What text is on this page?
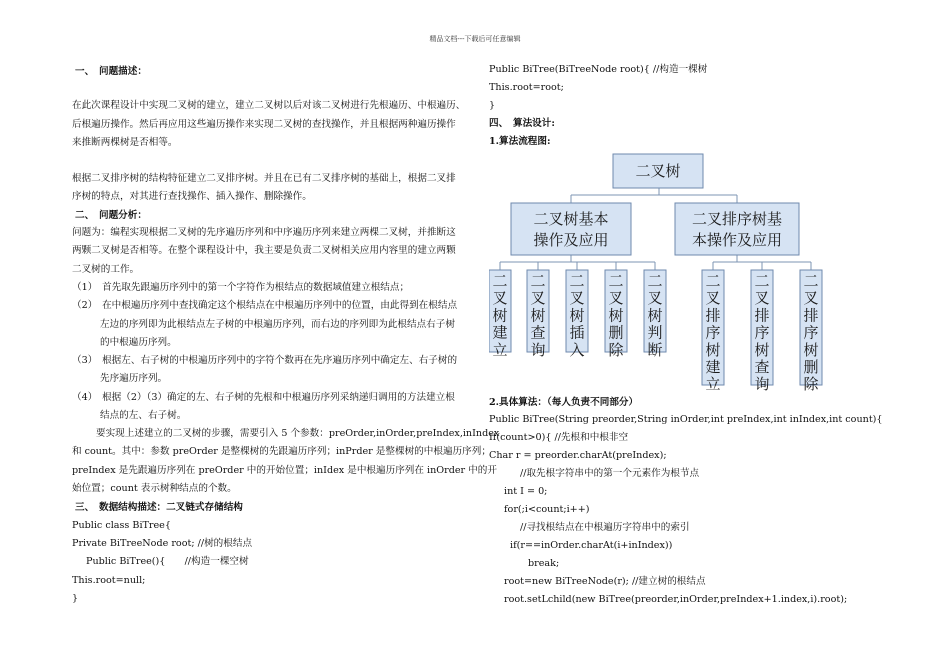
精品文档---下载后可任意编辑
一、　问题描述：
在此次课程设计中实现二叉树的建立，建立二叉树以后对该二叉树进行先根遍历、中根遍历、
后根遍历操作。然后再应用这些遍历操作来实现二叉树的查找操作，并且根据两种遍历操作
来推断两棵树是否相等。
根据二叉排序树的结构特征建立二叉排序树。并且在已有二叉排序树的基础上，根据二叉排
序树的特点，对其进行查找操作、插入操作、删除操作。
二、　问题分析：
问题为：编程实现根据二叉树的先序遍历序列和中序遍历序列来建立两棵二叉树，并推断这
两颗二叉树是否相等。在整个课程设计中，我主要是负责二叉树相关应用内容里的建立两颗
二叉树的工作。
（1）　首先取先跟遍历序列中的第一个字符作为根结点的数据域值建立根结点；
（2）　在中根遍历序列中查找确定这个根结点在中根遍历序列中的位置，由此得到在根结点
左边的序列即为此根结点左子树的中根遍历序列，而右边的序列即为此根结点右子树
的中根遍历序列。
（3）　根据左、右子树的中根遍历序列中的字符个数再在先序遍历序列中确定左、右子树的
先序遍历序列。
（4）　根据（2）（3）确定的左、右子树的先根和中根遍历序列采纳递归调用的方法建立根
结点的左、右子树。
要实现上述建立的二叉树的步骤，需要引入 5 个参数：preOrder,inOrder,preIndex,inIndex
和 count。其中：参数 preOrder 是整棵树的先跟遍历序列；inPrder 是整棵树的中根遍历序列；
preIndex 是先跟遍历序列在 preOrder 中的开始位置；inIdex 是中根遍历序列在 inOrder 中的开
始位置；count 表示树种结点的个数。
三、　数据结构描述：二叉链式存储结构
Public class BiTree{
Private BiTreeNode root; //树的根结点
Public BiTree(){　　//构造一棵空树
This.root=null;
}
Public BiTree(BiTreeNode root){ //构造一棵树
This.root=root;
}
四、　算法设计:
1.算法流程图:
二叉树
二叉树基本
操作及应用
二叉排序树基
本操作及应用
二叉树建立
二叉树查询
二叉树插入
二叉树删除
二叉树判断
二叉排序树建立
二叉排序树查询
二叉排序树删除
2.具体算法：（每人负责不同部分）
Public BiTree(String preorder,String inOrder,int preIndex,int inIndex,int count){
If(count>0){ //先根和中根非空
Char r = preorder.charAt(preIndex);
//取先根字符串中的第一个元素作为根节点
int I = 0;
for(;i<count;i++)
//寻找根结点在中根遍历字符串中的索引
if(r==inOrder.charAt(i+inIndex))
break;
root=new BiTreeNode(r); //建立树的根结点
root.setLchild(new BiTree(preorder,inOrder,preIndex+1.index,i).root);
